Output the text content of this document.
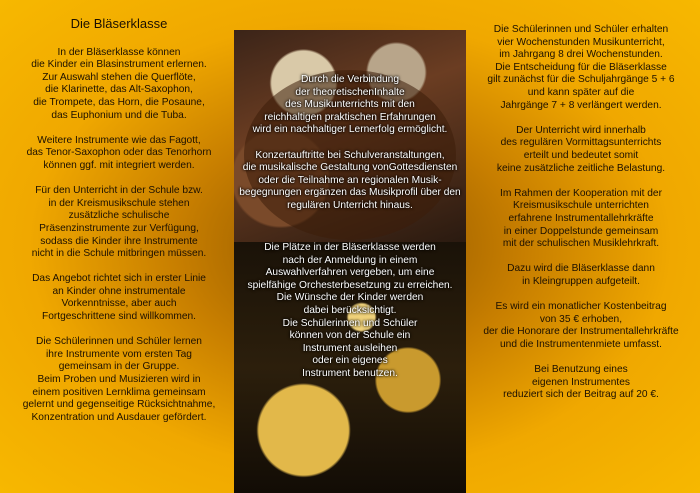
Die Bläserklasse

In der Bläserklasse können
die Kinder ein Blasinstrument erlernen.
Zur Auswahl stehen die Querflöte,
die Klarinette, das Alt-Saxophon,
die Trompete, das Horn, die Posaune,
das Euphonium und die Tuba.

Weitere Instrumente wie das Fagott,
das Tenor-Saxophon oder das Tenorhorn
können ggf. mit integriert werden.

Für den Unterricht in der Schule bzw.
in der Kreismusikschule stehen
zusätzliche schulische
Präsenzinstrumente zur Verfügung,
sodass die Kinder ihre Instrumente
nicht in die Schule mitbringen müssen.

Das Angebot richtet sich in erster Linie
an Kinder ohne instrumentale
Vorkenntnisse, aber auch
Fortgeschrittene sind willkommen.

Die Schülerinnen und Schüler lernen
ihre Instrumente vom ersten Tag
gemeinsam in der Gruppe.
Beim Proben und Musizieren wird in
einem positiven Lernklima gemeinsam
gelernt und gegenseitige Rücksichtnahme,
Konzentration und Ausdauer gefördert.

Durch die Verbindung
der theoretischenInhalte
des Musikunterrichts mit den
reichhaltigen praktischen Erfahrungen
wird ein nachhaltiger Lernerfolg ermöglicht.

Konzertauftritte bei Schulveranstaltungen,
die musikalische Gestaltung vonGottesdiensten
oder die Teilnahme an regionalen Musik-
begegnungen ergänzen das Musikprofil über den
regulären Unterricht hinaus.

Die Plätze in der Bläserklasse werden
nach der Anmeldung in einem
Auswahlverfahren vergeben, um eine
spielfähige Orchesterbesetzung zu erreichen.
Die Wünsche der Kinder werden
dabei berücksichtigt.
Die Schülerinnen und Schüler
können von der Schule ein
Instrument ausleihen
oder ein eigenes
Instrument benutzen.

Die Schülerinnen und Schüler erhalten
vier Wochenstunden Musikunterricht,
im Jahrgang 8 drei Wochenstunden.
Die Entscheidung für die Bläserklasse
gilt zunächst für die Schuljahrgänge 5 + 6
und kann später auf die
Jahrgänge 7 + 8 verlängert werden.

Der Unterricht wird innerhalb
des regulären Vormittagsunterrichts
erteilt und bedeutet somit
keine zusätzliche zeitliche Belastung.

Im Rahmen der Kooperation mit der
Kreismusikschule unterrichten
erfahrene Instrumentallehrkräfte
in einer Doppelstunde gemeinsam
mit der schulischen Musiklehrkraft.

Dazu wird die Bläserklasse dann
in Kleingruppen aufgeteilt.

Es wird ein monatlicher Kostenbeitrag
von 35 € erhoben,
der die Honorare der Instrumentallehrkräfte
und die Instrumentenmiete umfasst.

Bei Benutzung eines
eigenen Instrumentes
reduziert sich der Beitrag auf 20 €.
